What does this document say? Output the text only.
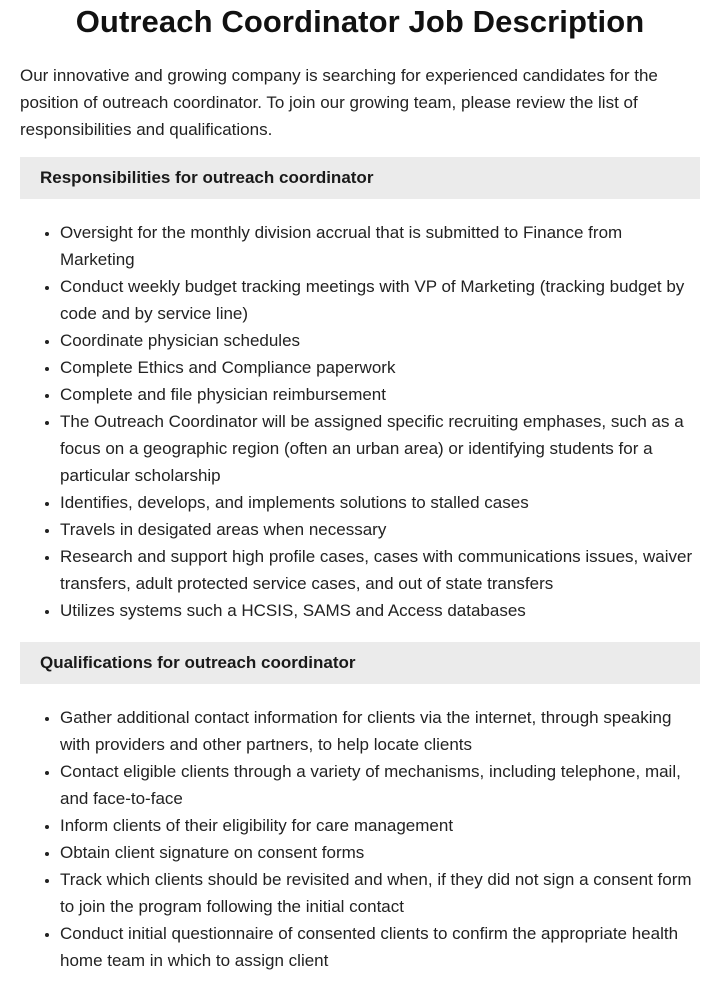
Outreach Coordinator Job Description

Our innovative and growing company is searching for experienced candidates for the position of outreach coordinator. To join our growing team, please review the list of responsibilities and qualifications.

Responsibilities for outreach coordinator
• Oversight for the monthly division accrual that is submitted to Finance from Marketing
• Conduct weekly budget tracking meetings with VP of Marketing (tracking budget by code and by service line)
• Coordinate physician schedules
• Complete Ethics and Compliance paperwork
• Complete and file physician reimbursement
• The Outreach Coordinator will be assigned specific recruiting emphases, such as a focus on a geographic region (often an urban area) or identifying students for a particular scholarship
• Identifies, develops, and implements solutions to stalled cases
• Travels in desigated areas when necessary
• Research and support high profile cases, cases with communications issues, waiver transfers, adult protected service cases, and out of state transfers
• Utilizes systems such a HCSIS, SAMS and Access databases
Qualifications for outreach coordinator
• Gather additional contact information for clients via the internet, through speaking with providers and other partners, to help locate clients
• Contact eligible clients through a variety of mechanisms, including telephone, mail, and face-to-face
• Inform clients of their eligibility for care management
• Obtain client signature on consent forms
• Track which clients should be revisited and when, if they did not sign a consent form to join the program following the initial contact
• Conduct initial questionnaire of consented clients to confirm the appropriate health home team in which to assign client
